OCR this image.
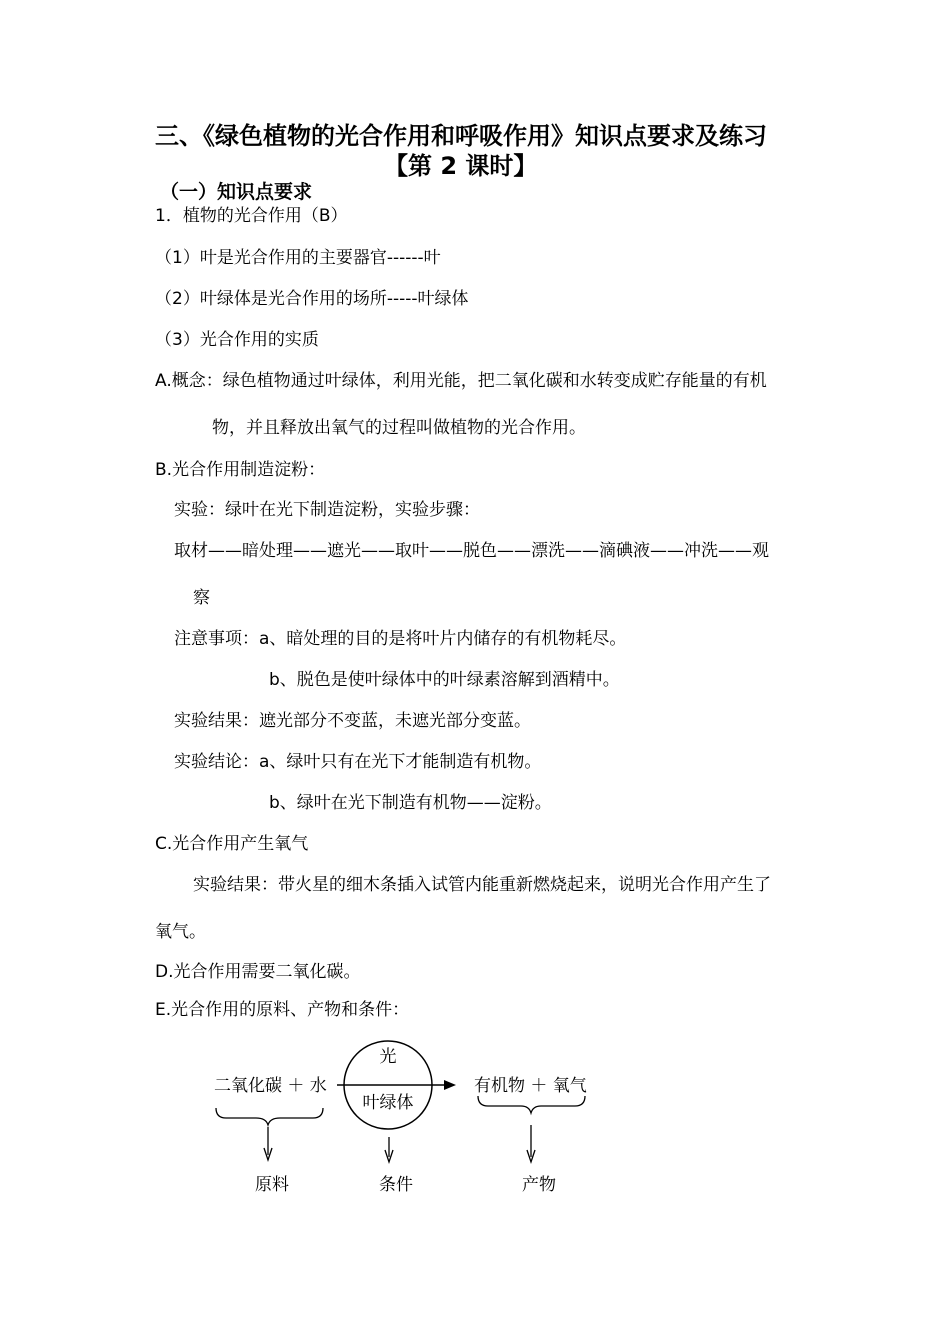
三、《绿色植物的光合作用和呼吸作用》知识点要求及练习
【第 2 课时】
（一）知识点要求
1．植物的光合作用（B）
（1）叶是光合作用的主要器官------叶
（2）叶绿体是光合作用的场所-----叶绿体
（3）光合作用的实质
A.概念：绿色植物通过叶绿体，利用光能，把二氧化碳和水转变成贮存能量的有机
物，并且释放出氧气的过程叫做植物的光合作用。
B.光合作用制造淀粉：
实验：绿叶在光下制造淀粉，实验步骤：
取材——暗处理——遮光——取叶——脱色——漂洗——滴碘液——冲洗——观
察
注意事项：a、暗处理的目的是将叶片内储存的有机物耗尽。
b、脱色是使叶绿体中的叶绿素溶解到酒精中。
实验结果：遮光部分不变蓝，未遮光部分变蓝。
实验结论：a、绿叶只有在光下才能制造有机物。
b、绿叶在光下制造有机物——淀粉。
C.光合作用产生氧气
实验结果：带火星的细木条插入试管内能重新燃烧起来，说明光合作用产生了
氧气。
D.光合作用需要二氧化碳。
E.光合作用的原料、产物和条件：
二氧化碳 ＋ 水
光
叶绿体
有机物 ＋ 氧气
原料	条件	产物
